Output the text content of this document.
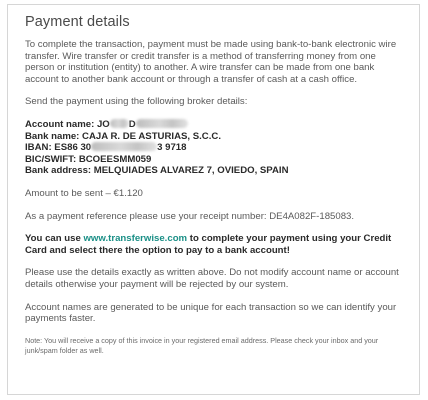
Payment details
To complete the transaction, payment must be made using bank-to-bank electronic wire transfer. Wire transfer or credit transfer is a method of transferring money from one person or institution (entity) to another. A wire transfer can be made from one bank account to another bank account or through a transfer of cash at a cash office.
Send the payment using the following broker details:
Account name: JO D
Bank name: CAJA R. DE ASTURIAS, S.C.C.
IBAN: ES86 30	3 9718
BIC/SWIFT: BCOEESMM059
Bank address: MELQUIADES ALVAREZ 7, OVIEDO, SPAIN
Amount to be sent – €1.120
As a payment reference please use your receipt number: DE4A082F-185083.
You can use www.transferwise.com to complete your payment using your Credit Card and select there the option to pay to a bank account!
Please use the details exactly as written above. Do not modify account name or account details otherwise your payment will be rejected by our system.
Account names are generated to be unique for each transaction so we can identify your payments faster.
Note: You will receive a copy of this invoice in your registered email address. Please check your inbox and your junk/spam folder as well.
